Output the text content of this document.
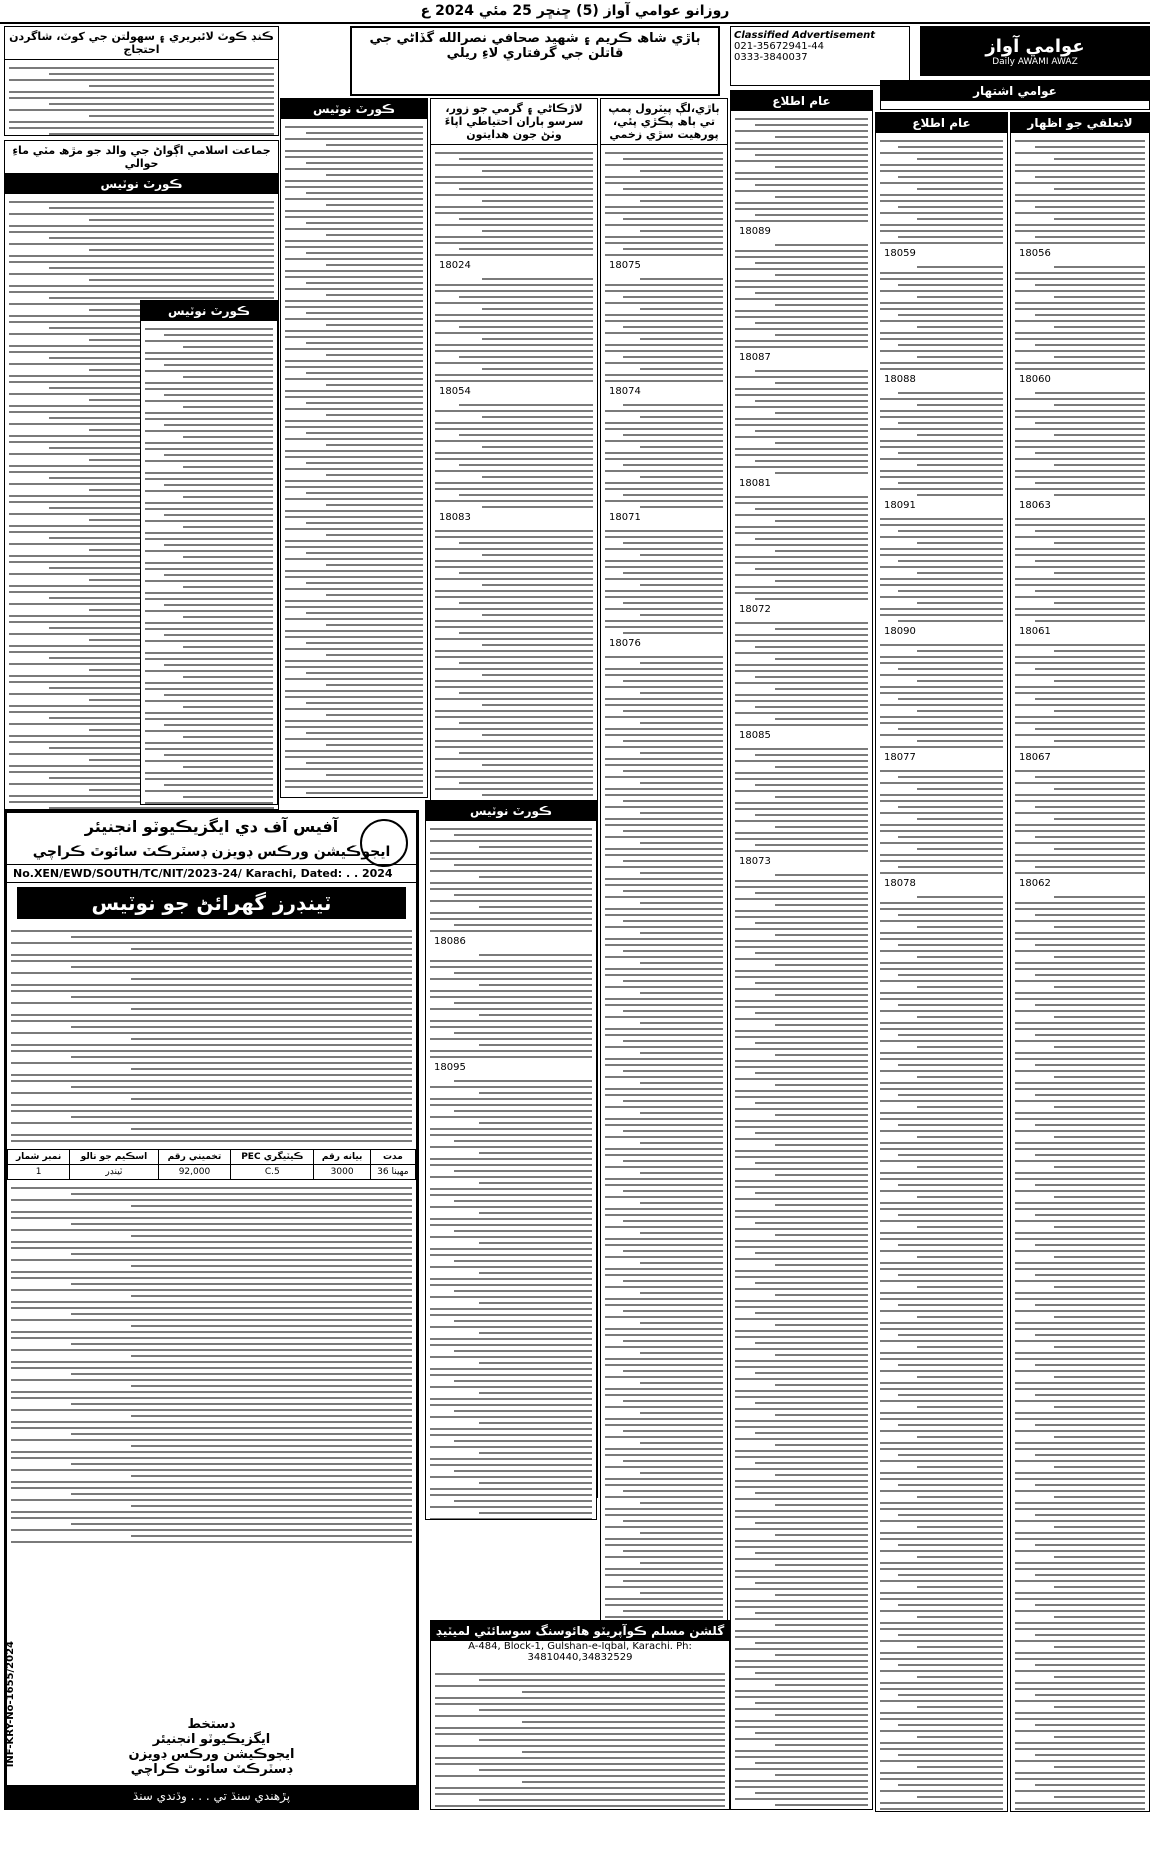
روزانو عوامي آواز (5) ڇنڇر 25 مئي 2024 ع
عوامي آواز
Daily AWAMI AWAZ
عوامي اشتهار
Classified Advertisement
021-35672941-44
0333-3840037
ٻاڙي شاھ ڪريم ۽ شھيد صحافي نصرالله گڏاڻي جي قاتلن جي گرفتاري لاءِ ريلي
لاتعلقي جو اظھار
18056
18060
18063
18061
18067
18062
عام اطلاع
18059
18088
18091
18090
18077
18078
عام اطلاع
18089
18087
18081
18072
18085
18073
ٻاڙي،لڳ پيٽرول پمپ تي ٻاھ پڪڙي پئي، پورھيت سڙي زخمي
18075
18074
18071
18076
لاڙڪاڻي ۽ گرمي جو زور، سرسو ٻاران احتياطي اپاءَ وٺڻ جون ھدايتون
18024
18054
18083
ڪورٽ نوٽيس
ڪنڊ ڪوٽ لائبريري ۽ سھولتن جي کوٽ، شاگردن احتجاج
جماعت اسلامي اڳواڻ جي والد جو مڙھ مٽي ماءِ حوالي
ڪورٽ نوٽيس
آفيس آف دي ايگزيڪيوٽو انجنيئر
ايجوڪيشن ورڪس ڊويزن ڊسٽرڪٽ سائوٿ ڪراچي
No.XEN/EWD/SOUTH/TC/NIT/2023-24/ Karachi, Dated: . . 2024
ٽينڊرز گھرائڻ جو نوٽيس
نمبر شمار	اسڪيم جو نالو	تخميني رقم	PEC ڪيٽيگري	بيانه رقم	مدت
1	ٽينڊر	92,000	C.5	3000	36 مهينا
دستخط
ايگزيڪيوٽو انجنيئر
ايجوڪيشن ورڪس ڊويزن
ڊسٽرڪٽ سائوٿ ڪراچي
پڙهندي سنڌ تي . . . وڌندي سنڌ
INF-KRY-No-1655/2024
ڪورٽ نوٽيس
18086
18095
گلشن مسلم ڪوآپريٽو هائوسنگ سوسائٽي لميٽيڊ
A-484, Block-1, Gulshan-e-Iqbal, Karachi. Ph: 34810440,34832529
ڪورٽ نوٽيس
